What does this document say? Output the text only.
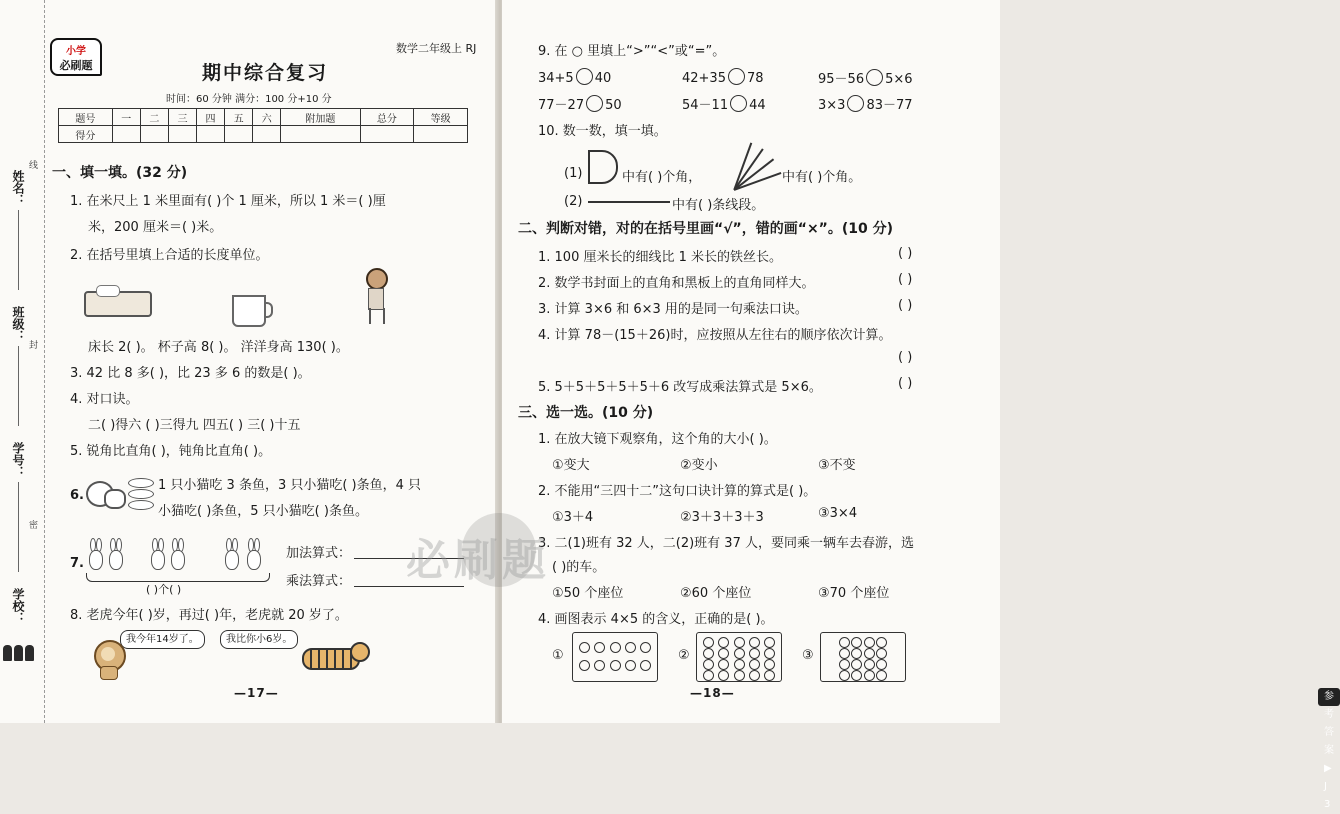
姓名：
班级：
学号：
学校：
线
封
密
小学
必刷题
数学二年级上 RJ
期中综合复习
时间：60 分钟 满分：100 分+10 分
题号	一	二	三	四	五	六	附加题	总分	等级
得分									
一、填一填。(32 分)
1. 在米尺上 1 米里面有( )个 1 厘米，所以 1 米＝( )厘
米，200 厘米＝( )米。
2. 在括号里填上合适的长度单位。
床长 2( )。 杯子高 8( )。 洋洋身高 130( )。
3. 42 比 8 多( )，比 23 多 6 的数是( )。
4. 对口诀。
二( )得六 ( )三得九 四五( ) 三( )十五
5. 锐角比直角( )，钝角比直角( )。
6.
1 只小猫吃 3 条鱼，3 只小猫吃( )条鱼，4 只
小猫吃( )条鱼，5 只小猫吃( )条鱼。
7.
( )个( )
加法算式：
乘法算式：
8. 老虎今年( )岁，再过( )年，老虎就 20 岁了。
我今年14岁了。	我比你小6岁。
—17—
9. 在 ○ 里填上“>”“<”或“=”。
34+5 40	42+35 78	95－56 5×6
77－27 50	54－11 44	3×3 83－77
10. 数一数，填一填。
(1)	中有( )个角，	中有( )个角。
(2)	中有( )条线段。
二、判断对错，对的在括号里画“√”，错的画“×”。(10 分)
1. 100 厘米长的细线比 1 米长的铁丝长。	( )
2. 数学书封面上的直角和黑板上的直角同样大。	( )
3. 计算 3×6 和 6×3 用的是同一句乘法口诀。	( )
4. 计算 78－(15＋26)时，应按照从左往右的顺序依次计算。
( )
5. 5＋5＋5＋5＋5＋6 改写成乘法算式是 5×6。	( )
三、选一选。(10 分)
1. 在放大镜下观察角，这个角的大小( )。
①变大	②变小	③不变
2. 不能用“三四十二”这句口诀计算的算式是( )。
①3＋4	②3＋3＋3＋3	③3×4
3. 二(1)班有 32 人，二(2)班有 37 人，要同乘一辆车去春游，选
( )的车。
①50 个座位	②60 个座位	③70 个座位
4. 画图表示 4×5 的含义，正确的是( )。
①	②	③
—18—	参考答案 ▶ J 3
必刷题
